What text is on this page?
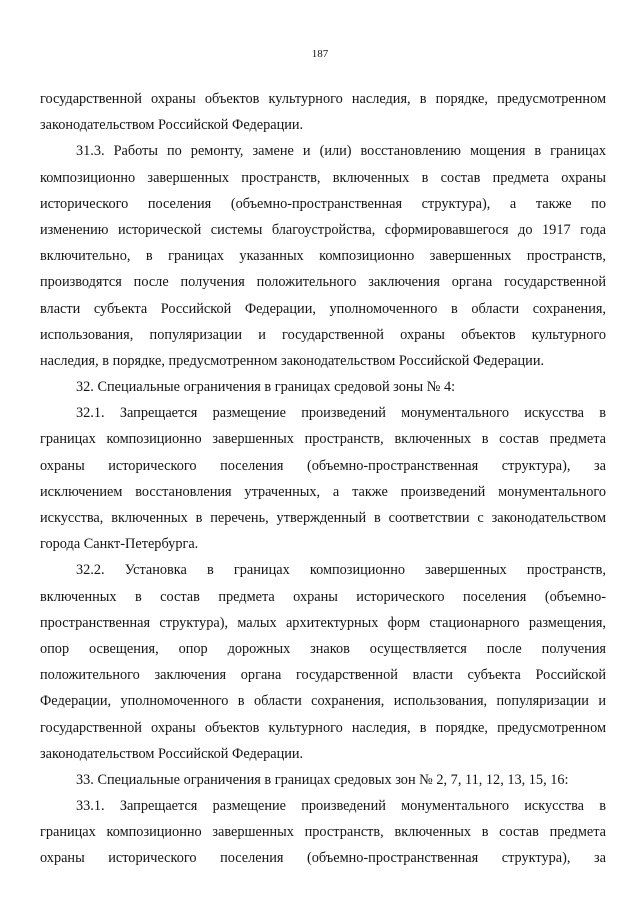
187
государственной охраны объектов культурного наследия, в порядке, предусмотренном
законодательством Российской Федерации.
31.3. Работы по ремонту, замене и (или) восстановлению мощения в границах
композиционно завершенных пространств, включенных в состав предмета охраны
исторического поселения (объемно-пространственная структура), а также по
изменению исторической системы благоустройства, сформировавшегося до 1917 года
включительно, в границах указанных композиционно завершенных пространств,
производятся после получения положительного заключения органа государственной
власти субъекта Российской Федерации, уполномоченного в области сохранения,
использования, популяризации и государственной охраны объектов культурного
наследия, в порядке, предусмотренном законодательством Российской Федерации.
32. Специальные ограничения в границах средовой зоны № 4:
32.1. Запрещается размещение произведений монументального искусства в
границах композиционно завершенных пространств, включенных в состав предмета
охраны исторического поселения (объемно-пространственная структура), за
исключением восстановления утраченных, а также произведений монументального
искусства, включенных в перечень, утвержденный в соответствии с законодательством
города Санкт-Петербурга.
32.2. Установка в границах композиционно завершенных пространств,
включенных в состав предмета охраны исторического поселения (объемно-
пространственная структура), малых архитектурных форм стационарного размещения,
опор освещения, опор дорожных знаков осуществляется после получения
положительного заключения органа государственной власти субъекта Российской
Федерации, уполномоченного в области сохранения, использования, популяризации и
государственной охраны объектов культурного наследия, в порядке, предусмотренном
законодательством Российской Федерации.
33. Специальные ограничения в границах средовых зон № 2, 7, 11, 12, 13, 15, 16:
33.1. Запрещается размещение произведений монументального искусства в
границах композиционно завершенных пространств, включенных в состав предмета
охраны исторического поселения (объемно-пространственная структура), за
